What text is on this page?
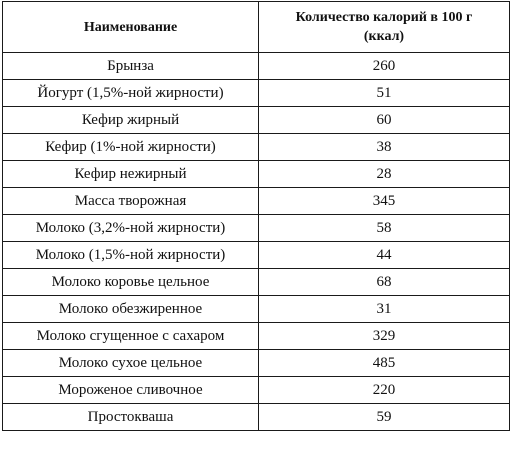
Наименование	Количество калорий в 100 г
(ккал)

Брынза	260
Йогурт (1,5%-ной жирности)	51
Кефир жирный	60
Кефир (1%-ной жирности)	38
Кефир нежирный	28
Масса творожная	345
Молоко (3,2%-ной жирности)	58
Молоко (1,5%-ной жирности)	44
Молоко коровье цельное	68
Молоко обезжиренное	31
Молоко сгущенное с сахаром	329
Молоко сухое цельное	485
Мороженое сливочное	220
Простокваша	59
